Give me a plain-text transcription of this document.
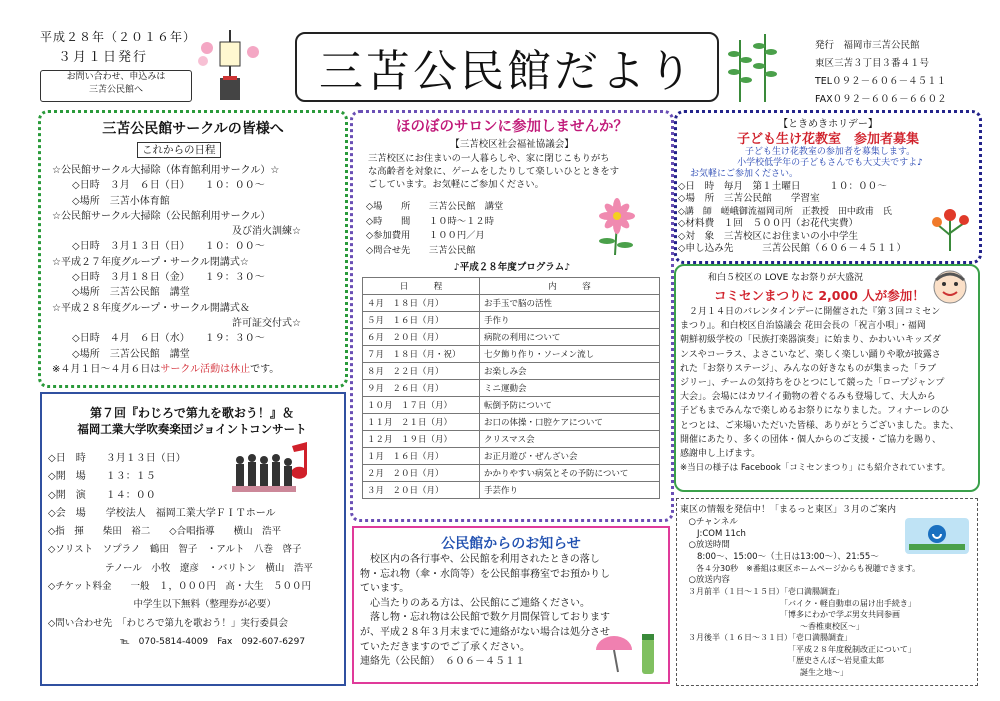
平成２８年（２０１６年）
３月１日発行
お問い合わせ、申込みは
三苫公民館へ	三苫公民館だより
発行　福岡市三苫公民館
東区三苫３丁目３番４１号
TEL０９２－６０６－４５１１
FAX０９２－６０６－６６０２
三苫公民館サークルの皆様へ
これからの日程
☆公民館サークル大掃除（体育館利用サークル）☆
　　◇日時　３月　６日（日）　　１０：００～
　　◇場所　三苫小体育館
☆公民館サークル大掃除（公民館利用サークル）
　　　　　　　　　　　　　　　　　　及び消火訓練☆
　　◇日時　３月１３日（日）　　１０：００～
☆平成２７年度グループ・サークル閉講式☆
　　◇日時　３月１８日（金）　　１９：３０～
　　◇場所　三苫公民館　講堂
☆平成２８年度グループ・サークル開講式＆
　　　　　　　　　　　　　　　　　　許可証交付式☆
　　◇日時　４月　６日（水）　　１９：３０～
　　◇場所　三苫公民館　講堂
※４月１日～４月６日はサークル活動は休止です。
第７回『わじろで第九を歌おう！』＆
福岡工業大学吹奏楽団ジョイントコンサート
◇日　時　　３月１３日（日）
◇開　場　　１３：１５
◇開　演　　１４：００
◇会　場　　学校法人　福岡工業大学ＦＩＴホール
◇指　揮　　柴田　裕二　　◇合唱指導　　横山　浩平
◇ソリスト　ソプラノ　鶴田　智子　・アルト　八巻　啓子
　　　　　　テノール　小牧　遼彦　・バリトン　横山　浩平
◇チケット料金　　一般　１，０００円　高・大生　５００円
　　　　　　　　　中学生以下無料（整理券が必要）
◇問い合わせ先　「わじろで第九を歌おう！」実行委員会
　　　　　　　　℡　070-5814-4009　Fax　092-607-6297
ほのぼのサロンに参加しませんか？
【三苫校区社会福祉協議会】
三苫校区にお住まいの一人暮らしや、家に閉じこもりがち
な高齢者を対象に、ゲームをしたりして楽しいひとときをす
ごしています。お気軽にご参加ください。
◇場　　所　　三苫公民館　講堂
◇時　　間　　１０時～１２時
◇参加費用　　１００円／月
◇問合せ先　　三苫公民館
♪平成２８年度プログラム♪
日　　　程	内　　　容
４月　１８日（月）	お手玉で脳の活性
５月　１６日（月）	手作り
６月　２０日（月）	病院の利用について
７月　１８日（月・祝）	七夕飾り作り・ソーメン流し
８月　２２日（月）	お楽しみ会
９月　２６日（月）	ミニ運動会
１０月　１７日（月）	転倒予防について
１１月　２１日（月）	お口の体操・口腔ケアについて
１２月　１９日（月）	クリスマス会
１月　１６日（月）	お正月遊び・ぜんざい会
２月　２０日（月）	かかりやすい病気とその予防について
３月　２０日（月）	手芸作り
公民館からのお知らせ
　校区内の各行事や、公民館を利用されたときの落し
物・忘れ物（傘・水筒等）を公民館事務室でお預かりし
ています。
　心当たりのある方は、公民館にご連絡ください。
　落し物・忘れ物は公民館で数ケ月間保管しております
が、平成２８年３月末までに連絡がない場合は処分させ
ていただきますのでご了承ください。
連絡先（公民館）　６０６－４５１１
【ときめきホリデー】
子ども生け花教室　参加者募集
子ども生け花教室の参加者を募集します。
小学校低学年の子どもさんでも大丈夫ですよ♪
お気軽にご参加ください。
◇日　時　毎月　第１土曜日　　　１０：００～
◇場　所　三苫公民館　　学習室
◇講　師　嵯峨御流福岡司所　正教授　田中政甫　氏
◇材料費　１回　５００円（お花代実費）
◇対　象　三苫校区にお住まいの小中学生
◇申し込み先　　　三苫公民館（６０６－４５１１）
和白５校区の LOVE なお祭りが大盛況
コミセンまつりに 2,000 人が参加！
　２月１４日のバレンタインデーに開催された『第３回コミセン
まつり』。和白校区自治協議会 花田会長の「祝言小唄」・福岡
朝鮮初級学校の「民族打楽器演奏」に始まり、かわいいキッズダ
ンスやコーラス、よさこいなど、楽しく楽しい踊りや歌が披露さ
れた「お祭りステージ」、みんなの好きなものが集まった「ラブ
ジリー」、チームの気持ちをひとつにして競った「ロープジャンプ
大会」。会場にはカワイイ動物の着ぐるみも登場して、大人から
子どもまでみんなで楽しめるお祭りになりました。フィナーレのひ
とつとは、ご来場いただいた皆様、ありがとうございました。また、
開催にあたり、多くの団体・個人からのご支援・ご協力を賜り、
感謝申し上げます。
※当日の様子は Facebook「コミセンまつり」にも紹介されています。
東区の情報を発信中！「まるっと東区」３月のご案内
　○チャンネル
　　J:COM 11ch
　○放送時間
　　8:00～、15:00～（土日は13:00～）、21:55～
　　各４分30秒　※番組は東区ホームページからも視聴できます。
　○放送内容
　３月前半（１日～１５日）「壱口満腸調査」
　　　　　　　　　　　　　「バイク・軽自動車の届け出手続き」
　　　　　　　　　　　　　「博多にわかで学ぶ男女共同参画
　　　　　　　　　　　　　　　～香椎東校区～」
　３月後半（１６日～３１日）「壱口満腸調査」
　　　　　　　　　　　　　　「平成２８年度税制改正について」
　　　　　　　　　　　　　　「歴史さんぽ～岩見重太郎
　　　　　　　　　　　　　　　誕生之地～」
